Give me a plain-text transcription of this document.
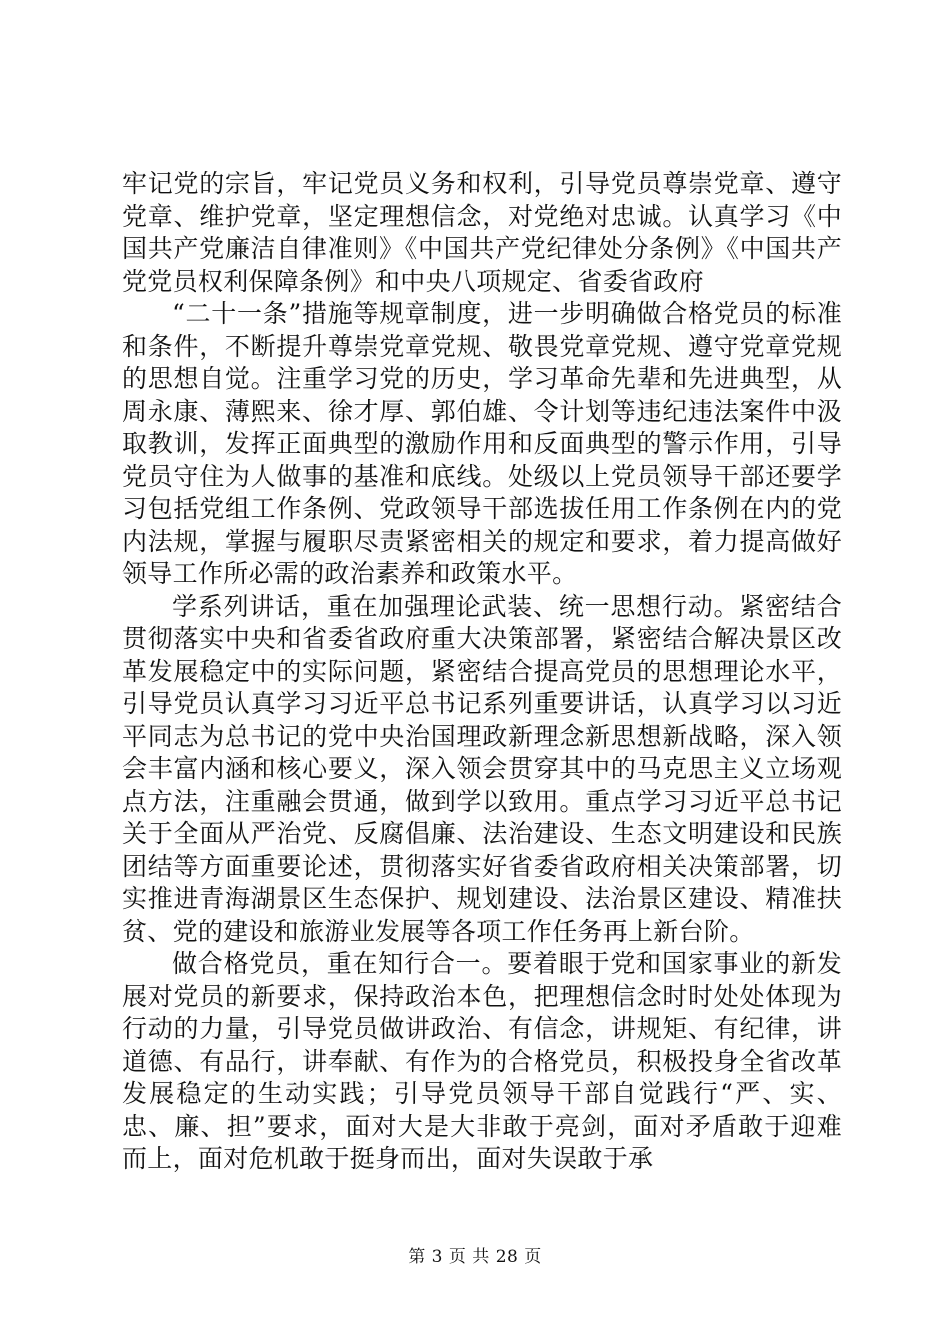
牢记党的宗旨，牢记党员义务和权利，引导党员尊崇党章、遵守党章、维护党章，坚定理想信念，对党绝对忠诚。认真学习《中国共产党廉洁自律准则》《中国共产党纪律处分条例》《中国共产党党员权利保障条例》和中央八项规定、省委省政府

“二十一条”措施等规章制度，进一步明确做合格党员的标准和条件，不断提升尊崇党章党规、敬畏党章党规、遵守党章党规的思想自觉。注重学习党的历史，学习革命先辈和先进典型，从周永康、薄熙来、徐才厚、郭伯雄、令计划等违纪违法案件中汲取教训，发挥正面典型的激励作用和反面典型的警示作用，引导党员守住为人做事的基准和底线。处级以上党员领导干部还要学习包括党组工作条例、党政领导干部选拔任用工作条例在内的党内法规，掌握与履职尽责紧密相关的规定和要求，着力提高做好领导工作所必需的政治素养和政策水平。

学系列讲话，重在加强理论武装、统一思想行动。紧密结合贯彻落实中央和省委省政府重大决策部署，紧密结合解决景区改革发展稳定中的实际问题，紧密结合提高党员的思想理论水平，引导党员认真学习习近平总书记系列重要讲话，认真学习以习近平同志为总书记的党中央治国理政新理念新思想新战略，深入领会丰富内涵和核心要义，深入领会贯穿其中的马克思主义立场观点方法，注重融会贯通，做到学以致用。重点学习习近平总书记关于全面从严治党、反腐倡廉、法治建设、生态文明建设和民族团结等方面重要论述，贯彻落实好省委省政府相关决策部署，切实推进青海湖景区生态保护、规划建设、法治景区建设、精准扶贫、党的建设和旅游业发展等各项工作任务再上新台阶。

做合格党员，重在知行合一。要着眼于党和国家事业的新发展对党员的新要求，保持政治本色，把理想信念时时处处体现为行动的力量，引导党员做讲政治、有信念，讲规矩、有纪律，讲道德、有品行，讲奉献、有作为的合格党员，积极投身全省改革发展稳定的生动实践；引导党员领导干部自觉践行“严、实、忠、廉、担”要求，面对大是大非敢于亮剑，面对矛盾敢于迎难而上，面对危机敢于挺身而出，面对失误敢于承

第 3 页 共 28 页
